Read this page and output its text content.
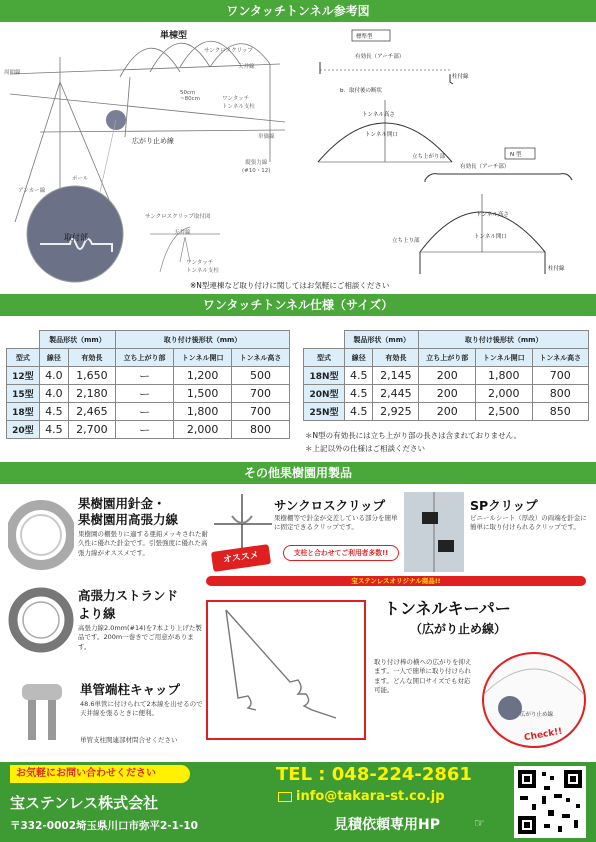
ワンタッチトンネル参考図
単棟型
サンクロスクリップ
天井線
周囲線
50cm
~80cm	ワンタッチ
トンネル支柱
広がり止め線
ポール
アンカー線
単価線
縦張力線
(#10・12)
サンクロスクリップ取付図
天井線
ワンタッチ
トンネル支柱
取付部
標準型
有効長（アーチ部）
柱付線
b．取付後の断状
トンネル高さ
トンネル開口
N 型
有効長（アーチ部）
立ち上がり部
トンネル高さ
トンネル開口
立ち上り部
柱付線
※N型連棟など取り付けに関してはお気軽にご相談ください
ワンタッチトンネル仕様（サイズ）
	製品形状（mm）		取り付け後形状（mm）		
型式	線径	有効長	立ち上がり部	トンネル開口	トンネル高さ
12型	4.0	1,650	ー	1,200	500
15型	4.0	2,180	ー	1,500	700
18型	4.5	2,465	ー	1,800	700
20型	4.5	2,700	ー	2,000	800
	製品形状（mm）		取り付け後形状（mm）		
型式	線径	有効長	立ち上がり部	トンネル開口	トンネル高さ
18N型	4.5	2,145	200	1,800	700
20N型	4.5	2,445	200	2,000	800
25N型	4.5	2,925	200	2,500	850
＊N型の有効長には立ち上がり部の長さは含まれておりません。
＊上記以外の仕様はご相談ください
その他果樹園用製品
果樹園用針金・
果樹園用高張力線
果樹園の棚張りに適する亜鉛メッキされた耐久性に優れた針金です。引張強度に優れた高張力線がオススメです。	オススメ
サンクロスクリップ
果樹棚等で針金が交差している部分を簡単に固定できるクリップです。
支柱と合わせてご利用者多数!!
SPクリップ
ビニールシート（厚改）の両端を針金に簡単に取り付けられるクリップです。
宝ステンレスオリジナル商品!!
高張力ストランド
より線
高張力線2.0mm(#14)を7本より上げた製品です。200m一巻きでご用意があります。
トンネルキーパー
（広がり止め線）
取り付け棒の横への広がりを抑えます。一人で簡単に取り付けられます。どんな開口サイズでも対応可能。
広がり止め線
Check!!
単管端柱キャップ
48.6単管に付けられて2本線を出せるので天井線を張るときに便利。
単管支柱関連部材問合せください
お気軽にお問い合わせください
宝ステンレス株式会社
〒332-0002埼玉県川口市弥平2-1-10
TEL : 048-224-2861
info@takara-st.co.jp
見積依頼専用HP	☞
